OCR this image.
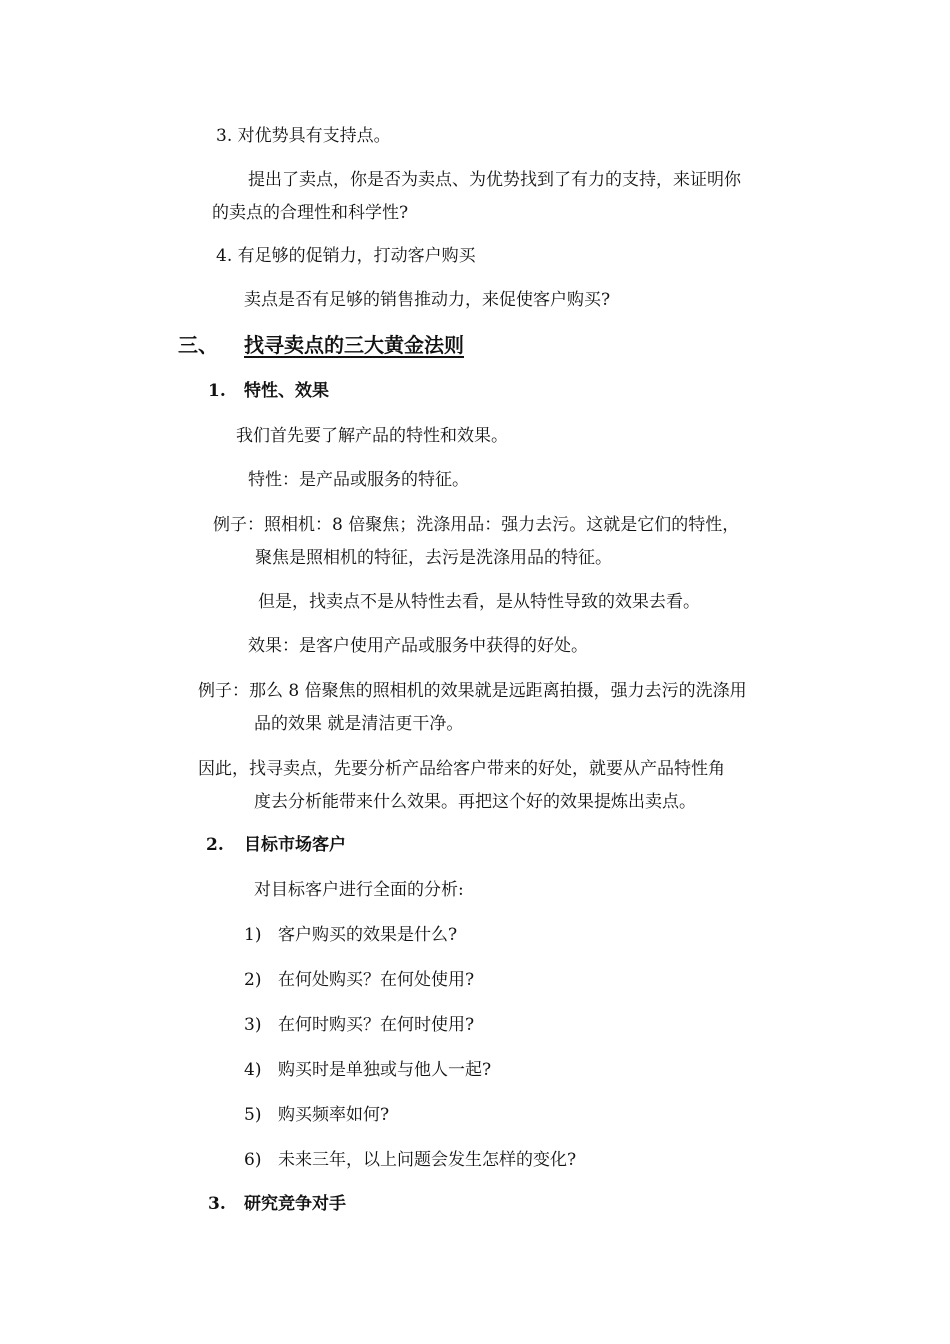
3. 对优势具有支持点。
提出了卖点，你是否为卖点、为优势找到了有力的支持，来证明你
的卖点的合理性和科学性?
4. 有足够的促销力，打动客户购买
卖点是否有足够的销售推动力，来促使客户购买?
三、 找寻卖点的三大黄金法则
1. 特性、效果
我们首先要了解产品的特性和效果。
特性：是产品或服务的特征。
例子：照相机：8 倍聚焦；洗涤用品：强力去污。这就是它们的特性，
聚焦是照相机的特征，去污是洗涤用品的特征。
但是，找卖点不是从特性去看，是从特性导致的效果去看。
效果：是客户使用产品或服务中获得的好处。
例子：那么 8 倍聚焦的照相机的效果就是远距离拍摄，强力去污的洗涤用
品的效果 就是清洁更干净。
因此，找寻卖点，先要分析产品给客户带来的好处，就要从产品特性角
度去分析能带来什么效果。再把这个好的效果提炼出卖点。
2. 目标市场客户
对目标客户进行全面的分析:
1) 客户购买的效果是什么?
2) 在何处购买？在何处使用?
3) 在何时购买？在何时使用?
4) 购买时是单独或与他人一起?
5) 购买频率如何?
6) 未来三年，以上问题会发生怎样的变化?
3. 研究竞争对手
